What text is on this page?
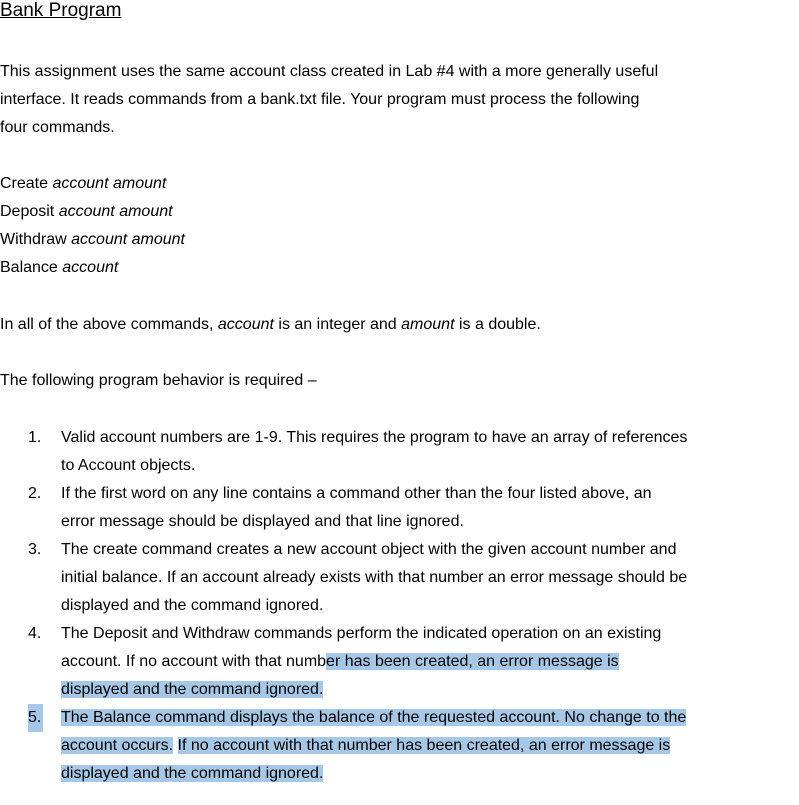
Bank Program
This assignment uses the same account class created in Lab #4 with a more generally useful
interface. It reads commands from a bank.txt file. Your program must process the following
four commands.
Create account amount
Deposit account amount
Withdraw account amount
Balance account
In all of the above commands, account is an integer and amount is a double.
The following program behavior is required –
1.	Valid account numbers are 1-9. This requires the program to have an array of references
to Account objects.
2.	If the first word on any line contains a command other than the four listed above, an
error message should be displayed and that line ignored.
3.	The create command creates a new account object with the given account number and
initial balance. If an account already exists with that number an error message should be
displayed and the command ignored.
4.	The Deposit and Withdraw commands perform the indicated operation on an existing
account. If no account with that number has been created, an error message is
displayed and the command ignored.
5. The Balance command displays the balance of the requested account. No change to the
account occurs. If no account with that number has been created, an error message is
displayed and the command ignored.
